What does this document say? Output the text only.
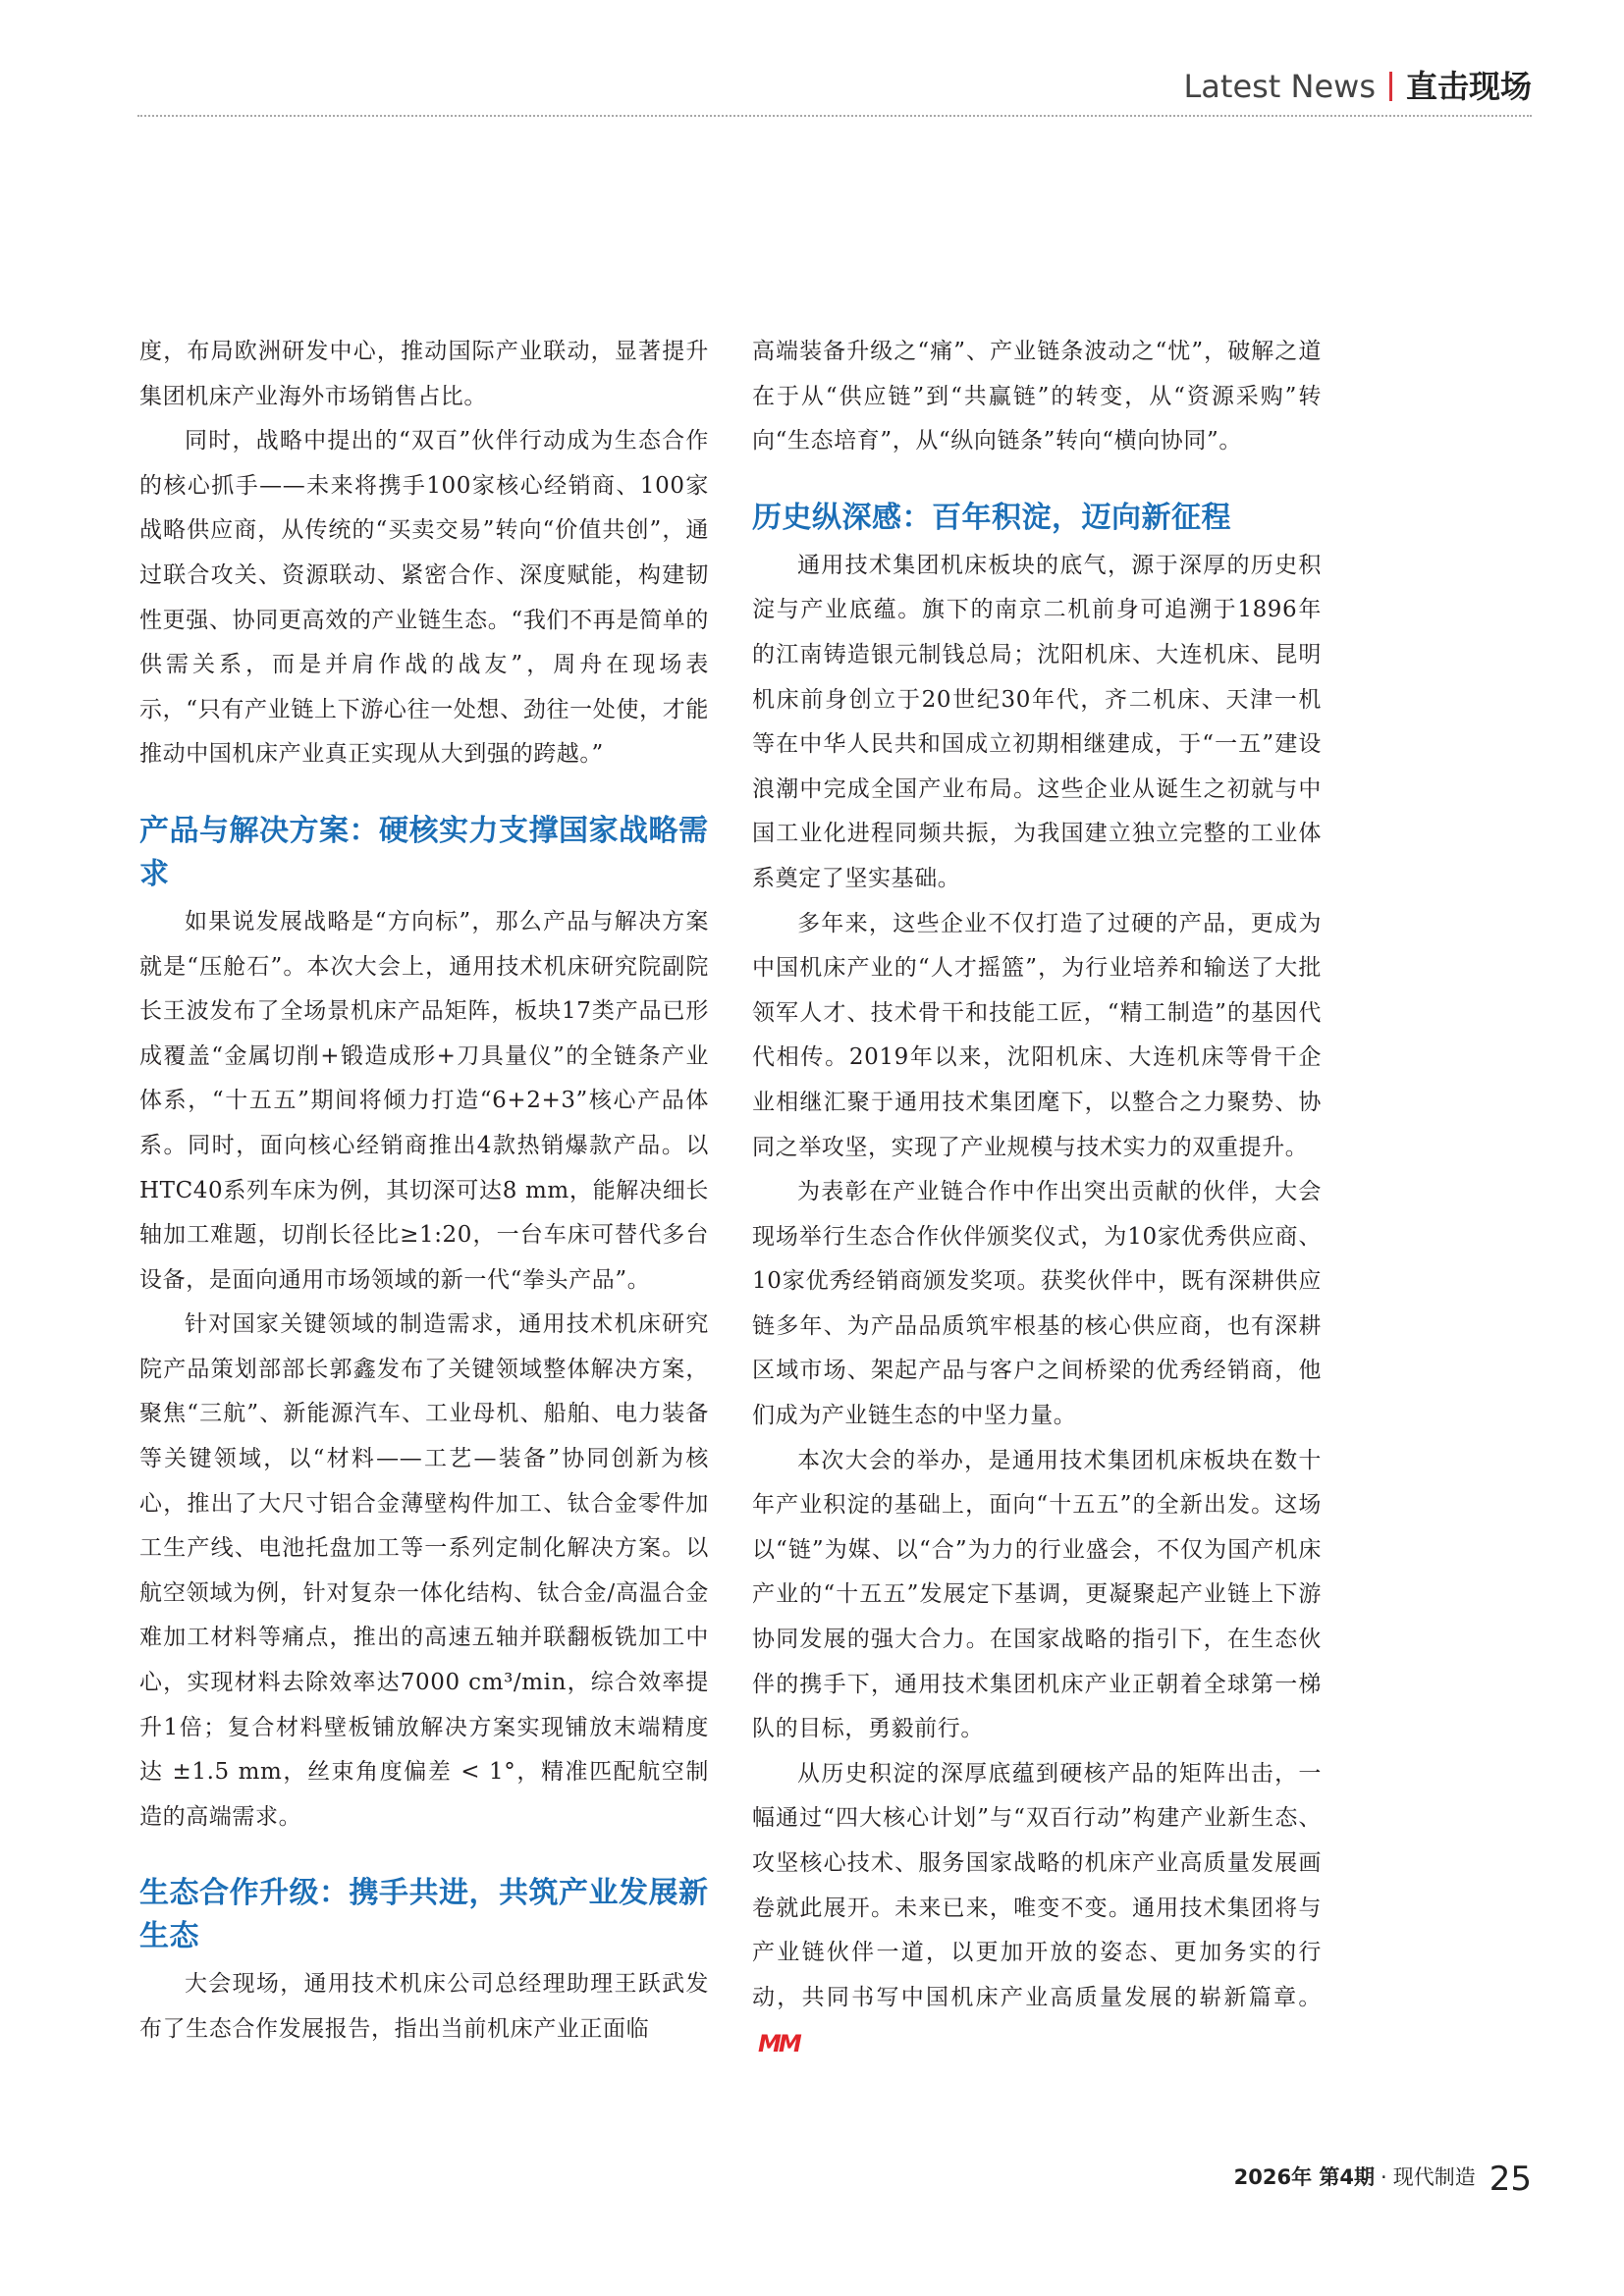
Latest News 直击现场

度，布局欧洲研发中心，推动国际产业联动，显著提升集团机床产业海外市场销售占比。

同时，战略中提出的“双百”伙伴行动成为生态合作的核心抓手——未来将携手100家核心经销商、100家战略供应商，从传统的“买卖交易”转向“价值共创”，通过联合攻关、资源联动、紧密合作、深度赋能，构建韧性更强、协同更高效的产业链生态。“我们不再是简单的供需关系，而是并肩作战的战友”，周舟在现场表示，“只有产业链上下游心往一处想、劲往一处使，才能推动中国机床产业真正实现从大到强的跨越。”

产品与解决方案：硬核实力支撑国家战略需求

如果说发展战略是“方向标”，那么产品与解决方案就是“压舱石”。本次大会上，通用技术机床研究院副院长王波发布了全场景机床产品矩阵，板块17类产品已形成覆盖“金属切削+锻造成形+刀具量仪”的全链条产业体系，“十五五”期间将倾力打造“6+2+3”核心产品体系。同时，面向核心经销商推出4款热销爆款产品。以HTC40系列车床为例，其切深可达8 mm，能解决细长轴加工难题，切削长径比≥1:20，一台车床可替代多台设备，是面向通用市场领域的新一代“拳头产品”。

针对国家关键领域的制造需求，通用技术机床研究院产品策划部部长郭鑫发布了关键领域整体解决方案，聚焦“三航”、新能源汽车、工业母机、船舶、电力装备等关键领域，以“材料——工艺—装备”协同创新为核心，推出了大尺寸铝合金薄壁构件加工、钛合金零件加工生产线、电池托盘加工等一系列定制化解决方案。以航空领域为例，针对复杂一体化结构、钛合金/高温合金难加工材料等痛点，推出的高速五轴并联翻板铣加工中心，实现材料去除效率达7000 cm³/min，综合效率提升1倍；复合材料壁板铺放解决方案实现铺放末端精度达 ±1.5 mm，丝束角度偏差 < 1°，精准匹配航空制造的高端需求。

生态合作升级：携手共进，共筑产业发展新生态

大会现场，通用技术机床公司总经理助理王跃武发布了生态合作发展报告，指出当前机床产业正面临

高端装备升级之“痛”、产业链条波动之“忧”，破解之道在于从“供应链”到“共赢链”的转变，从“资源采购”转向“生态培育”，从“纵向链条”转向“横向协同”。

历史纵深感：百年积淀，迈向新征程

通用技术集团机床板块的底气，源于深厚的历史积淀与产业底蕴。旗下的南京二机前身可追溯于1896年的江南铸造银元制钱总局；沈阳机床、大连机床、昆明机床前身创立于20世纪30年代，齐二机床、天津一机等在中华人民共和国成立初期相继建成，于“一五”建设浪潮中完成全国产业布局。这些企业从诞生之初就与中国工业化进程同频共振，为我国建立独立完整的工业体系奠定了坚实基础。

多年来，这些企业不仅打造了过硬的产品，更成为中国机床产业的“人才摇篮”，为行业培养和输送了大批领军人才、技术骨干和技能工匠，“精工制造”的基因代代相传。2019年以来，沈阳机床、大连机床等骨干企业相继汇聚于通用技术集团麾下，以整合之力聚势、协同之举攻坚，实现了产业规模与技术实力的双重提升。

为表彰在产业链合作中作出突出贡献的伙伴，大会现场举行生态合作伙伴颁奖仪式，为10家优秀供应商、10家优秀经销商颁发奖项。获奖伙伴中，既有深耕供应链多年、为产品品质筑牢根基的核心供应商，也有深耕区域市场、架起产品与客户之间桥梁的优秀经销商，他们成为产业链生态的中坚力量。

本次大会的举办，是通用技术集团机床板块在数十年产业积淀的基础上，面向“十五五”的全新出发。这场以“链”为媒、以“合”为力的行业盛会，不仅为国产机床产业的“十五五”发展定下基调，更凝聚起产业链上下游协同发展的强大合力。在国家战略的指引下，在生态伙伴的携手下，通用技术集团机床产业正朝着全球第一梯队的目标，勇毅前行。

从历史积淀的深厚底蕴到硬核产品的矩阵出击，一幅通过“四大核心计划”与“双百行动”构建产业新生态、攻坚核心技术、服务国家战略的机床产业高质量发展画卷就此展开。未来已来，唯变不变。通用技术集团将与产业链伙伴一道，以更加开放的姿态、更加务实的行动，共同书写中国机床产业高质量发展的崭新篇章。MM

2026年 第4期 · 现代制造 25
